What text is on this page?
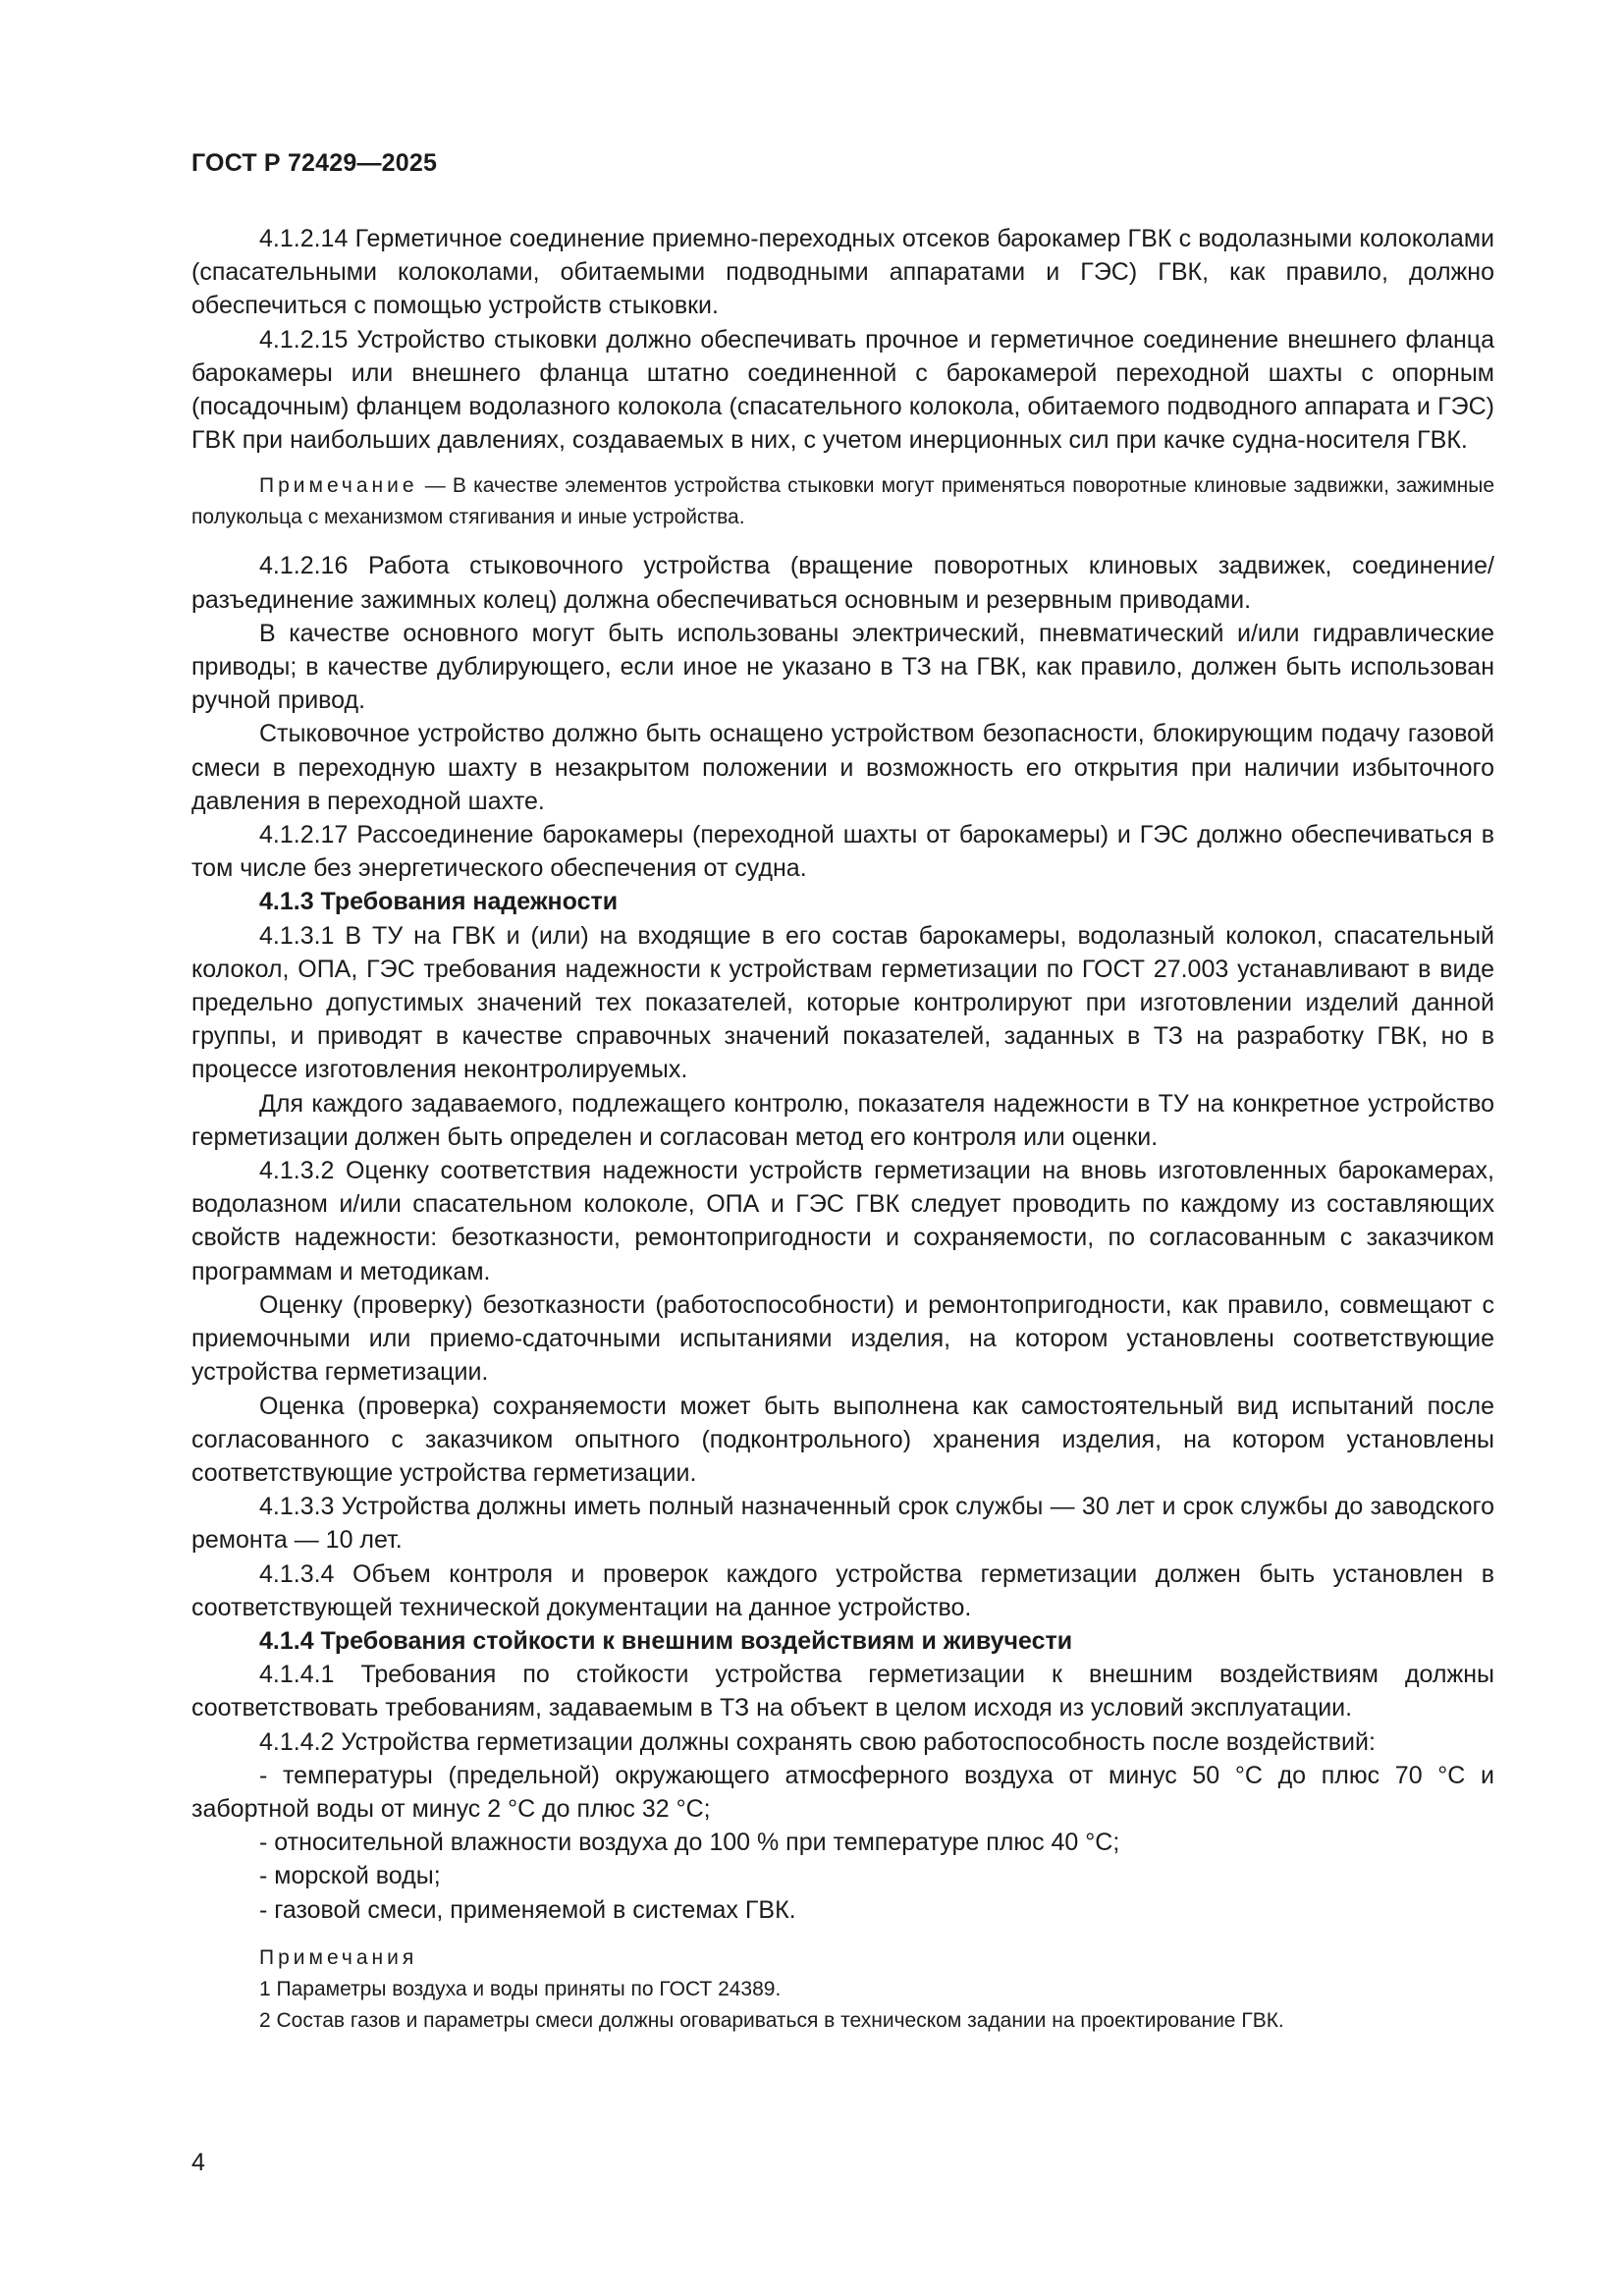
ГОСТ Р 72429—2025

4.1.2.14 Герметичное соединение приемно-переходных отсеков барокамер ГВК с водолазными колоколами (спасательными колоколами, обитаемыми подводными аппаратами и ГЭС) ГВК, как правило, должно обеспечиться с помощью устройств стыковки.

4.1.2.15 Устройство стыковки должно обеспечивать прочное и герметичное соединение внешнего фланца барокамеры или внешнего фланца штатно соединенной с барокамерой переходной шахты с опорным (посадочным) фланцем водолазного колокола (спасательного колокола, обитаемого подводного аппарата и ГЭС) ГВК при наибольших давлениях, создаваемых в них, с учетом инерционных сил при качке судна-носителя ГВК.

Примечание — В качестве элементов устройства стыковки могут применяться поворотные клиновые задвижки, зажимные полукольца с механизмом стягивания и иные устройства.

4.1.2.16 Работа стыковочного устройства (вращение поворотных клиновых задвижек, соединение/разъединение зажимных колец) должна обеспечиваться основным и резервным приводами.

В качестве основного могут быть использованы электрический, пневматический и/или гидравлические приводы; в качестве дублирующего, если иное не указано в ТЗ на ГВК, как правило, должен быть использован ручной привод.

Стыковочное устройство должно быть оснащено устройством безопасности, блокирующим подачу газовой смеси в переходную шахту в незакрытом положении и возможность его открытия при наличии избыточного давления в переходной шахте.

4.1.2.17 Рассоединение барокамеры (переходной шахты от барокамеры) и ГЭС должно обеспечиваться в том числе без энергетического обеспечения от судна.

4.1.3 Требования надежности

4.1.3.1 В ТУ на ГВК и (или) на входящие в его состав барокамеры, водолазный колокол, спасательный колокол, ОПА, ГЭС требования надежности к устройствам герметизации по ГОСТ 27.003 устанавливают в виде предельно допустимых значений тех показателей, которые контролируют при изготовлении изделий данной группы, и приводят в качестве справочных значений показателей, заданных в ТЗ на разработку ГВК, но в процессе изготовления неконтролируемых.

Для каждого задаваемого, подлежащего контролю, показателя надежности в ТУ на конкретное устройство герметизации должен быть определен и согласован метод его контроля или оценки.

4.1.3.2 Оценку соответствия надежности устройств герметизации на вновь изготовленных барокамерах, водолазном и/или спасательном колоколе, ОПА и ГЭС ГВК следует проводить по каждому из составляющих свойств надежности: безотказности, ремонтопригодности и сохраняемости, по согласованным с заказчиком программам и методикам.

Оценку (проверку) безотказности (работоспособности) и ремонтопригодности, как правило, совмещают с приемочными или приемо-сдаточными испытаниями изделия, на котором установлены соответствующие устройства герметизации.

Оценка (проверка) сохраняемости может быть выполнена как самостоятельный вид испытаний после согласованного с заказчиком опытного (подконтрольного) хранения изделия, на котором установлены соответствующие устройства герметизации.

4.1.3.3 Устройства должны иметь полный назначенный срок службы — 30 лет и срок службы до заводского ремонта — 10 лет.

4.1.3.4 Объем контроля и проверок каждого устройства герметизации должен быть установлен в соответствующей технической документации на данное устройство.

4.1.4 Требования стойкости к внешним воздействиям и живучести

4.1.4.1 Требования по стойкости устройства герметизации к внешним воздействиям должны соответствовать требованиям, задаваемым в ТЗ на объект в целом исходя из условий эксплуатации.

4.1.4.2 Устройства герметизации должны сохранять свою работоспособность после воздействий:

- температуры (предельной) окружающего атмосферного воздуха от минус 50 °С до плюс 70 °С и забортной воды от минус 2 °С до плюс 32 °С;

- относительной влажности воздуха до 100 % при температуре плюс 40 °С;

- морской воды;

- газовой смеси, применяемой в системах ГВК.

Примечания

1 Параметры воздуха и воды приняты по ГОСТ 24389.

2 Состав газов и параметры смеси должны оговариваться в техническом задании на проектирование ГВК.

4
